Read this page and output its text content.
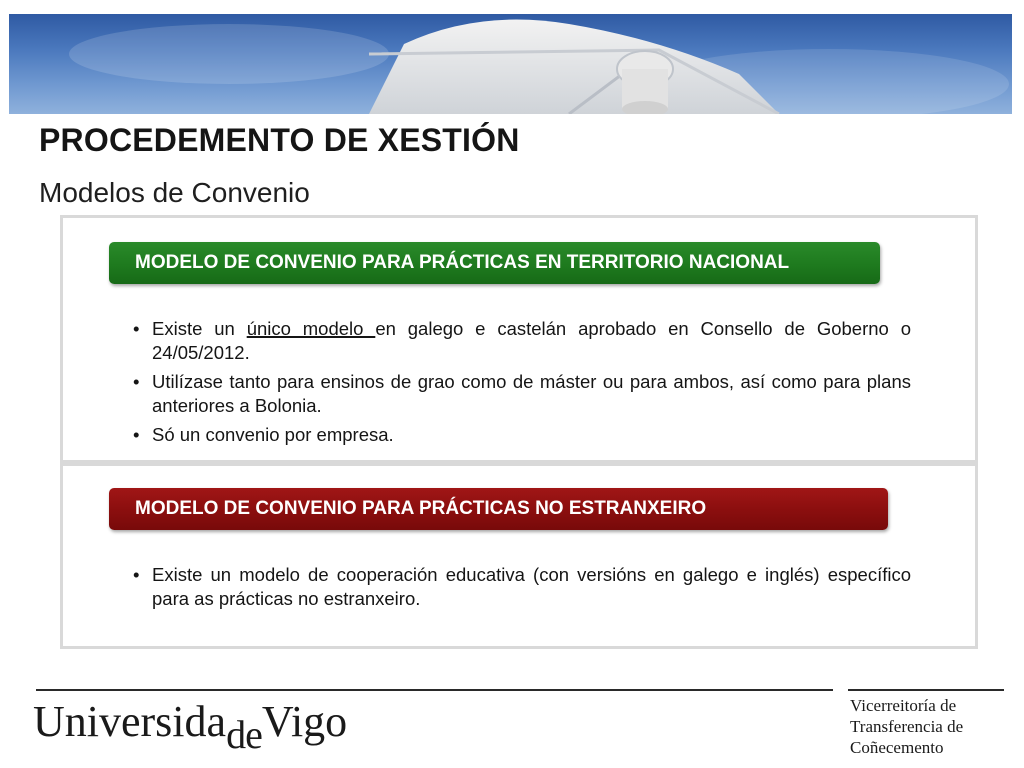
PROCEDEMENTO DE XESTIÓN
Modelos de Convenio
MODELO DE CONVENIO PARA PRÁCTICAS EN TERRITORIO NACIONAL
• Existe un único modelo en galego e castelán aprobado en Consello de Goberno o 24/05/2012.
• Utilízase tanto para ensinos de grao como de máster ou para ambos, así como para plans anteriores a Bolonia.
• Só un convenio por empresa.
MODELO DE CONVENIO PARA PRÁCTICAS NO ESTRANXEIRO
• Existe un modelo de cooperación educativa (con versións en galego e inglés) específico para as prácticas no estranxeiro.
UniversidadeVigo	Vicerreitoría de
Transferencia de
Coñecemento
